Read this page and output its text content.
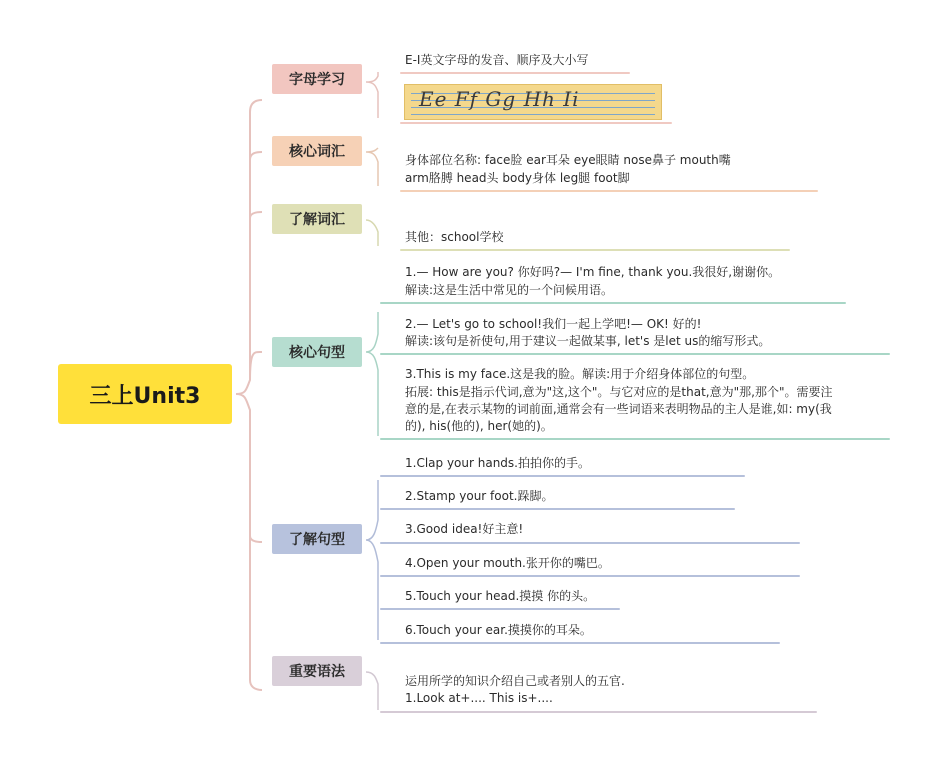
三上Unit3
字母学习
核心词汇
了解词汇
核心句型
了解句型
重要语法
E-I英文字母的发音、顺序及大小写
Ee Ff Gg Hh Ii
身体部位名称: face脸 ear耳朵 eye眼睛 nose鼻子 mouth嘴
arm胳膊 head头 body身体 leg腿 foot脚
其他：school学校
1.— How are you? 你好吗?— I'm fine, thank you.我很好,谢谢你。
解读:这是生活中常见的一个问候用语。
2.— Let's go to school!我们一起上学吧!— OK! 好的!
解读:该句是祈使句,用于建议一起做某事, let's 是let us的缩写形式。
3.This is my face.这是我的脸。解读:用于介绍身体部位的句型。
拓展: this是指示代词,意为"这,这个"。与它对应的是that,意为"那,那个"。需要注
意的是,在表示某物的词前面,通常会有一些词语来表明物品的主人是谁,如: my(我
的), his(他的), her(她的)。
1.Clap your hands.拍拍你的手。
2.Stamp your foot.跺脚。
3.Good idea!好主意!
4.Open your mouth.张开你的嘴巴。
5.Touch your head.摸摸 你的头。
6.Touch your ear.摸摸你的耳朵。
运用所学的知识介绍自己或者别人的五官.
1.Look at+.... This is+....
